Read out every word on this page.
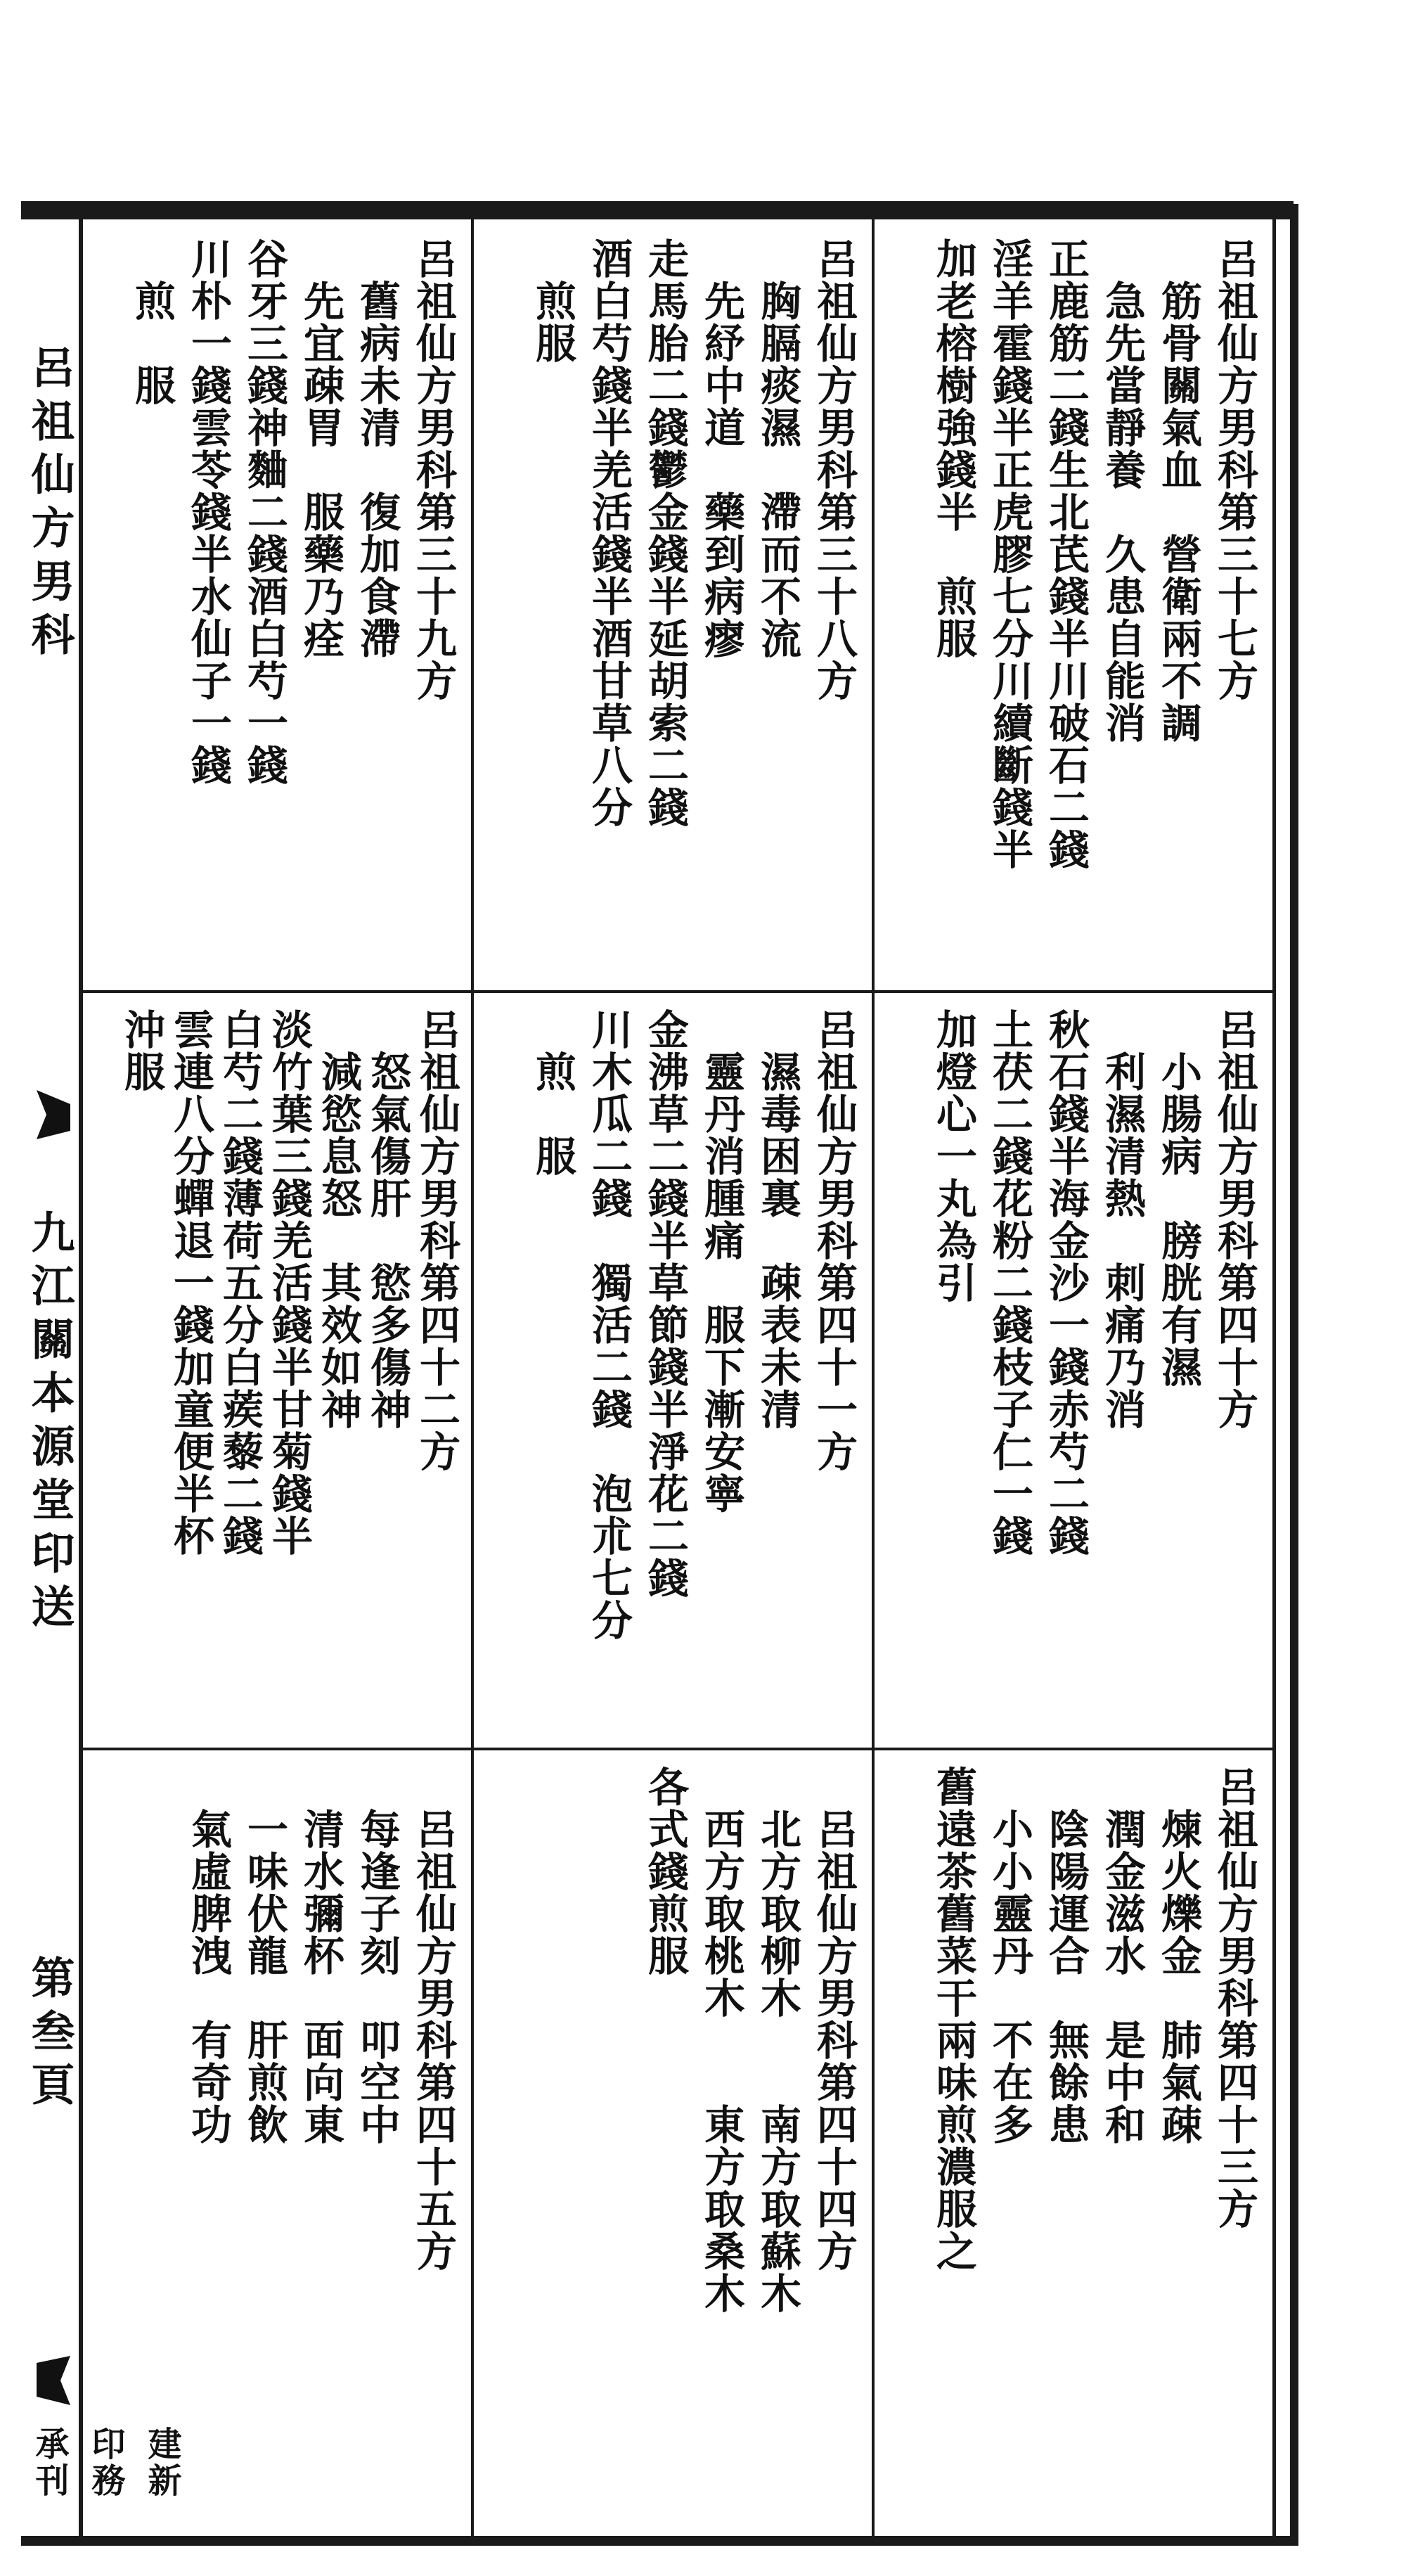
呂祖仙方男科
九江關本源堂印送

第叁頁
建新印務承刊
呂祖仙方男科第三十七方
　筋骨關氣血　營衛兩不調
　急先當靜養　久患自能消
正鹿筋二錢生北芪錢半川破石二錢
淫羊霍錢半正虎膠七分川續斷錢半
加老榕樹強錢半　煎服
呂祖仙方男科第四十方
　小腸病　膀胱有濕
　利濕清熱　刺痛乃消
秋石錢半海金沙一錢赤芍二錢
土茯二錢花粉二錢枝子仁一錢
加燈心一丸為引
呂祖仙方男科第四十三方
　煉火爍金　肺氣疎
　潤金滋水　是中和
　陰陽運合　無餘患
　小小靈丹　不在多
舊遠茶舊菜干兩味煎濃服之
呂祖仙方男科第三十八方
　胸膈痰濕　滯而不流
　先紓中道　藥到病瘳
走馬胎二錢鬱金錢半延胡索二錢
酒白芍錢半羌活錢半酒甘草八分
　煎服
呂祖仙方男科第四十一方
　濕毒困裏　疎表未清
　靈丹消腫痛　服下漸安寧
金沸草二錢半草節錢半淨花二錢
川木瓜二錢　獨活二錢　泡朮七分
　煎　服
　呂祖仙方男科第四十四方
　北方取柳木　　南方取蘇木
　西方取桃木　　東方取桑木
各式錢煎服
呂祖仙方男科第三十九方
　舊病未清　復加食滯
　先宜疎胃　服藥乃痊
谷牙三錢神麯二錢酒白芍一錢
川朴一錢雲苓錢半水仙子一錢
　煎　服
呂祖仙方男科第四十二方
　怒氣傷肝　慾多傷神
　減慾息怒　其效如神
淡竹葉三錢羌活錢半甘菊錢半
白芍二錢薄荷五分白蒺藜二錢
雲連八分蟬退一錢加童便半杯
沖服
　呂祖仙方男科第四十五方
　每逢子刻　叩空中
　清水彌杯　面向東
　一味伏龍　肝煎飲
　氣虛脾洩　有奇功
